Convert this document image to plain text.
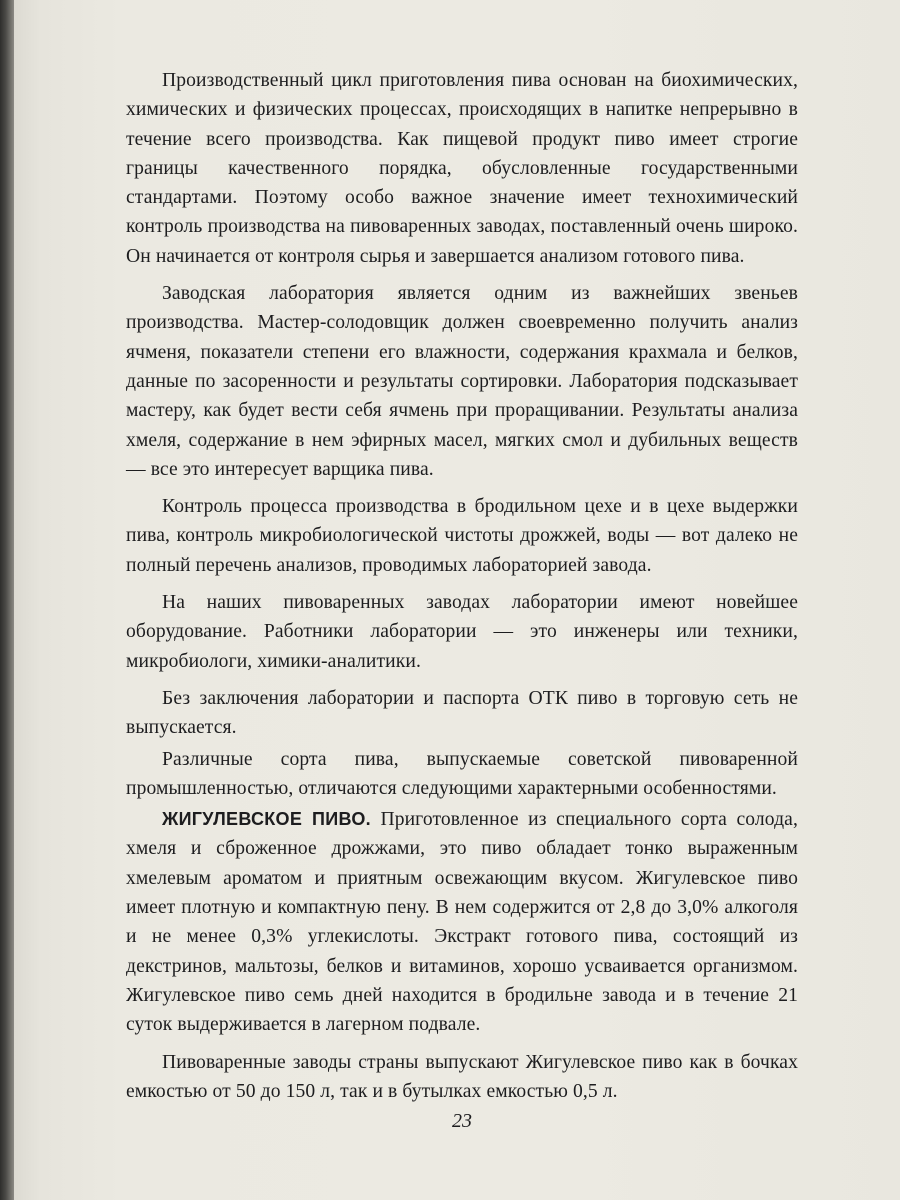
Производственный цикл приготовления пива основан на биохимических, химических и физических процессах, происходящих в напитке непрерывно в течение всего производства. Как пищевой продукт пиво имеет строгие границы качественного порядка, обусловленные государственными стандартами. Поэтому особо важное значение имеет технохимический контроль производства на пивоваренных заводах, поставленный очень широко. Он начинается от контроля сырья и завершается анализом готового пива.

Заводская лаборатория является одним из важнейших звеньев производства. Мастер-солодовщик должен своевременно получить анализ ячменя, показатели степени его влажности, содержания крахмала и белков, данные по засоренности и результаты сортировки. Лаборатория подсказывает мастеру, как будет вести себя ячмень при проращивании. Результаты анализа хмеля, содержание в нем эфирных масел, мягких смол и дубильных веществ — все это интересует варщика пива.

Контроль процесса производства в бродильном цехе и в цехе выдержки пива, контроль микробиологической чистоты дрожжей, воды — вот далеко не полный перечень анализов, проводимых лабораторией завода.

На наших пивоваренных заводах лаборатории имеют новейшее оборудование. Работники лаборатории — это инженеры или техники, микробиологи, химики-аналитики.

Без заключения лаборатории и паспорта ОТК пиво в торговую сеть не выпускается.

Различные сорта пива, выпускаемые советской пивоваренной промышленностью, отличаются следующими характерными особенностями.

ЖИГУЛЕВСКОЕ ПИВО. Приготовленное из специального сорта солода, хмеля и сброженное дрожжами, это пиво обладает тонко выраженным хмелевым ароматом и приятным освежающим вкусом. Жигулевское пиво имеет плотную и компактную пену. В нем содержится от 2,8 до 3,0% алкоголя и не менее 0,3% углекислоты. Экстракт готового пива, состоящий из декстринов, мальтозы, белков и витаминов, хорошо усваивается организмом. Жигулевское пиво семь дней находится в бродильне завода и в течение 21 суток выдерживается в лагерном подвале.

Пивоваренные заводы страны выпускают Жигулевское пиво как в бочках емкостью от 50 до 150 л, так и в бутылках емкостью 0,5 л.

23
